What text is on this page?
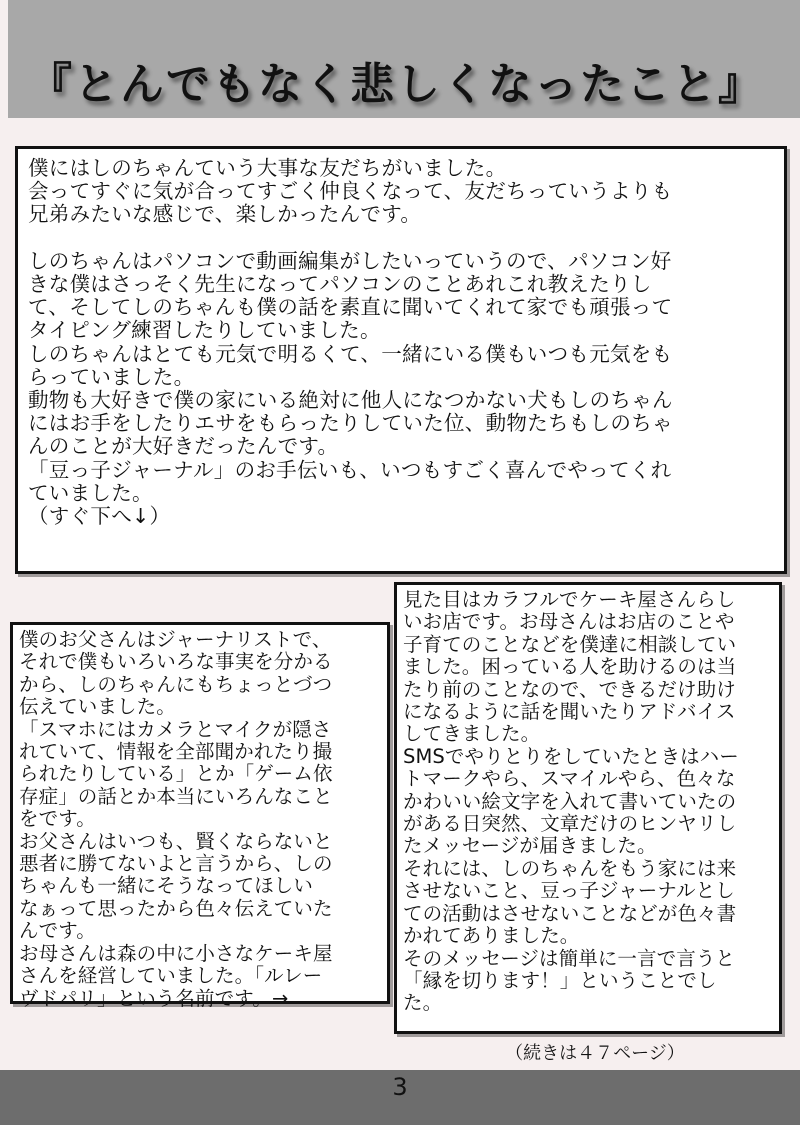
『とんでもなく悲しくなったこと』

僕にはしのちゃんていう大事な友だちがいました。
会ってすぐに気が合ってすごく仲良くなって、友だちっていうよりも
兄弟みたいな感じで、楽しかったんです。

しのちゃんはパソコンで動画編集がしたいっていうので、パソコン好
きな僕はさっそく先生になってパソコンのことあれこれ教えたりし
て、そしてしのちゃんも僕の話を素直に聞いてくれて家でも頑張って
タイピング練習したりしていました。
しのちゃんはとても元気で明るくて、一緒にいる僕もいつも元気をも
らっていました。
動物も大好きで僕の家にいる絶対に他人になつかない犬もしのちゃん
にはお手をしたりエサをもらったりしていた位、動物たちもしのちゃ
んのことが大好きだったんです。
「豆っ子ジャーナル」のお手伝いも、いつもすごく喜んでやってくれ
ていました。
（すぐ下へ↓）

僕のお父さんはジャーナリストで、
それで僕もいろいろな事実を分かる
から、しのちゃんにもちょっとづつ
伝えていました。
「スマホにはカメラとマイクが隠さ
れていて、情報を全部聞かれたり撮
られたりしている」とか「ゲーム依
存症」の話とか本当にいろんなこと
をです。
お父さんはいつも、賢くならないと
悪者に勝てないよと言うから、しの
ちゃんも一緒にそうなってほしい
なぁって思ったから色々伝えていた
んです。
お母さんは森の中に小さなケーキ屋
さんを経営していました。「ルレー
ヴドパリ」という名前です。→

見た目はカラフルでケーキ屋さんらし
いお店です。お母さんはお店のことや
子育てのことなどを僕達に相談してい
ました。困っている人を助けるのは当
たり前のことなので、できるだけ助け
になるように話を聞いたりアドバイス
してきました。
SMSでやりとりをしていたときはハー
トマークやら、スマイルやら、色々な
かわいい絵文字を入れて書いていたの
がある日突然、文章だけのヒンヤリし
たメッセージが届きました。
それには、しのちゃんをもう家には来
させないこと、豆っ子ジャーナルとし
ての活動はさせないことなどが色々書
かれてありました。
そのメッセージは簡単に一言で言うと
「縁を切ります！」ということでし
た。

（続きは４７ページ）
3
